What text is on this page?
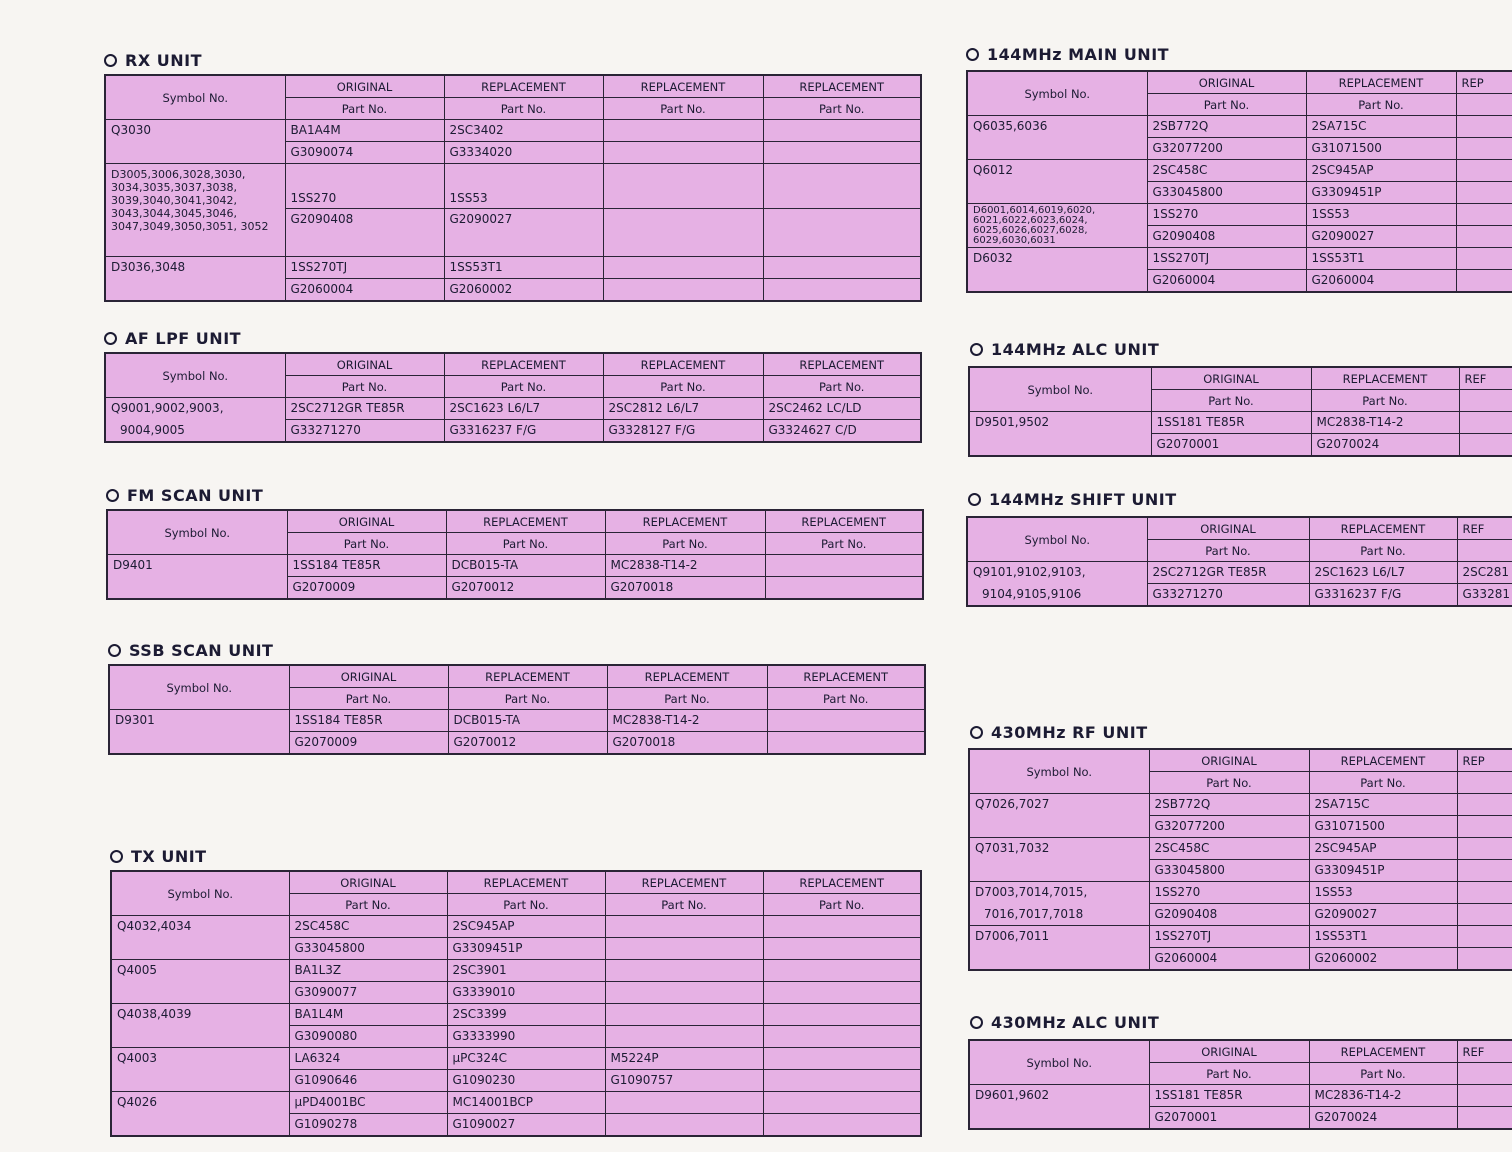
RX UNIT
Symbol No.	ORIGINAL	REPLACEMENT	REPLACEMENT	REPLACEMENT
	Part No.	Part No.	Part No.	Part No.
Q3030	BA1A4M	2SC3402		
	G3090074	G3334020		
D3005,3006,3028,3030, 3034,3035,3037,3038, 3039,3040,3041,3042, 3043,3044,3045,3046, 3047,3049,3050,3051, 3052	1SS270	1SS53		
	G2090408	G2090027		
D3036,3048	1SS270TJ	1SS53T1		
	G2060004	G2060002		
AF LPF UNIT
Symbol No.	ORIGINAL	REPLACEMENT	REPLACEMENT	REPLACEMENT
	Part No.	Part No.	Part No.	Part No.
Q9001,9002,9003,	2SC2712GR TE85R	2SC1623 L6/L7	2SC2812 L6/L7	2SC2462 LC/LD
9004,9005	G33271270	G3316237 F/G	G3328127 F/G	G3324627 C/D
FM SCAN UNIT
Symbol No.	ORIGINAL	REPLACEMENT	REPLACEMENT	REPLACEMENT
	Part No.	Part No.	Part No.	Part No.
D9401	1SS184 TE85R	DCB015-TA	MC2838-T14-2	
	G2070009	G2070012	G2070018	
SSB SCAN UNIT
Symbol No.	ORIGINAL	REPLACEMENT	REPLACEMENT	REPLACEMENT
	Part No.	Part No.	Part No.	Part No.
D9301	1SS184 TE85R	DCB015-TA	MC2838-T14-2	
	G2070009	G2070012	G2070018	
TX UNIT
Symbol No.	ORIGINAL	REPLACEMENT	REPLACEMENT	REPLACEMENT
	Part No.	Part No.	Part No.	Part No.
Q4032,4034	2SC458C	2SC945AP		
	G33045800	G3309451P		
Q4005	BA1L3Z	2SC3901		
	G3090077	G3339010		
Q4038,4039	BA1L4M	2SC3399		
	G3090080	G3333990		
Q4003	LA6324	µPC324C	M5224P	
	G1090646	G1090230	G1090757	
Q4026	µPD4001BC	MC14001BCP		
	G1090278	G1090027		
144MHz MAIN UNIT
Symbol No.	ORIGINAL	REPLACEMENT	REP
	Part No.	Part No.	
Q6035,6036	2SB772Q	2SA715C	
	G32077200	G31071500	
Q6012	2SC458C	2SC945AP	
	G33045800	G3309451P	
D6001,6014,6019,6020, 6021,6022,6023,6024, 6025,6026,6027,6028, 6029,6030,6031	1SS270	1SS53	
	G2090408	G2090027	
D6032	1SS270TJ	1SS53T1	
	G2060004	G2060004	
144MHz ALC UNIT
Symbol No.	ORIGINAL	REPLACEMENT	REF
	Part No.	Part No.	
D9501,9502	1SS181 TE85R	MC2838-T14-2	
	G2070001	G2070024	
144MHz SHIFT UNIT
Symbol No.	ORIGINAL	REPLACEMENT	REF
	Part No.	Part No.	
Q9101,9102,9103,	2SC2712GR TE85R	2SC1623 L6/L7	2SC281
9104,9105,9106	G33271270	G3316237 F/G	G33281
430MHz RF UNIT
Symbol No.	ORIGINAL	REPLACEMENT	REP
	Part No.	Part No.	
Q7026,7027	2SB772Q	2SA715C	
	G32077200	G31071500	
Q7031,7032	2SC458C	2SC945AP	
	G33045800	G3309451P	
D7003,7014,7015,	1SS270	1SS53	
7016,7017,7018	G2090408	G2090027	
D7006,7011	1SS270TJ	1SS53T1	
	G2060004	G2060002	
430MHz ALC UNIT
Symbol No.	ORIGINAL	REPLACEMENT	REF
	Part No.	Part No.	
D9601,9602	1SS181 TE85R	MC2836-T14-2	
	G2070001	G2070024	
